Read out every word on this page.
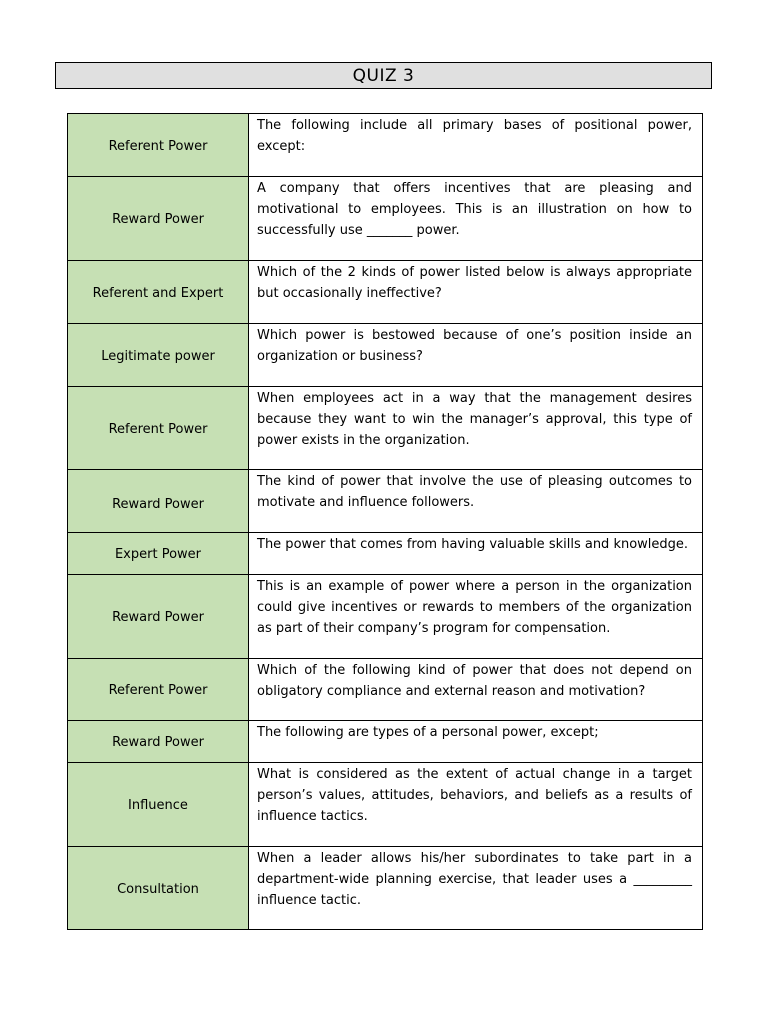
QUIZ 3
Referent Power	The following include all primary bases of positional power, except:
Reward Power	A company that offers incentives that are pleasing and motivational to employees. This is an illustration on how to successfully use _______ power.
Referent and Expert	Which of the 2 kinds of power listed below is always appropriate but occasionally ineffective?
Legitimate power	Which power is bestowed because of one’s position inside an organization or business?
Referent Power	When employees act in a way that the management desires because they want to win the manager’s approval, this type of power exists in the organization.
Reward Power	The kind of power that involve the use of pleasing outcomes to motivate and influence followers.
Expert Power	The power that comes from having valuable skills and knowledge.
Reward Power	This is an example of power where a person in the organization could give incentives or rewards to members of the organization as part of their company’s program for compensation.
Referent Power	Which of the following kind of power that does not depend on obligatory compliance and external reason and motivation?
Reward Power	The following are types of a personal power, except;
Influence	What is considered as the extent of actual change in a target person’s values, attitudes, behaviors, and beliefs as a results of influence tactics.
Consultation	When a leader allows his/her subordinates to take part in a department-wide planning exercise, that leader uses a _________ influence tactic.
